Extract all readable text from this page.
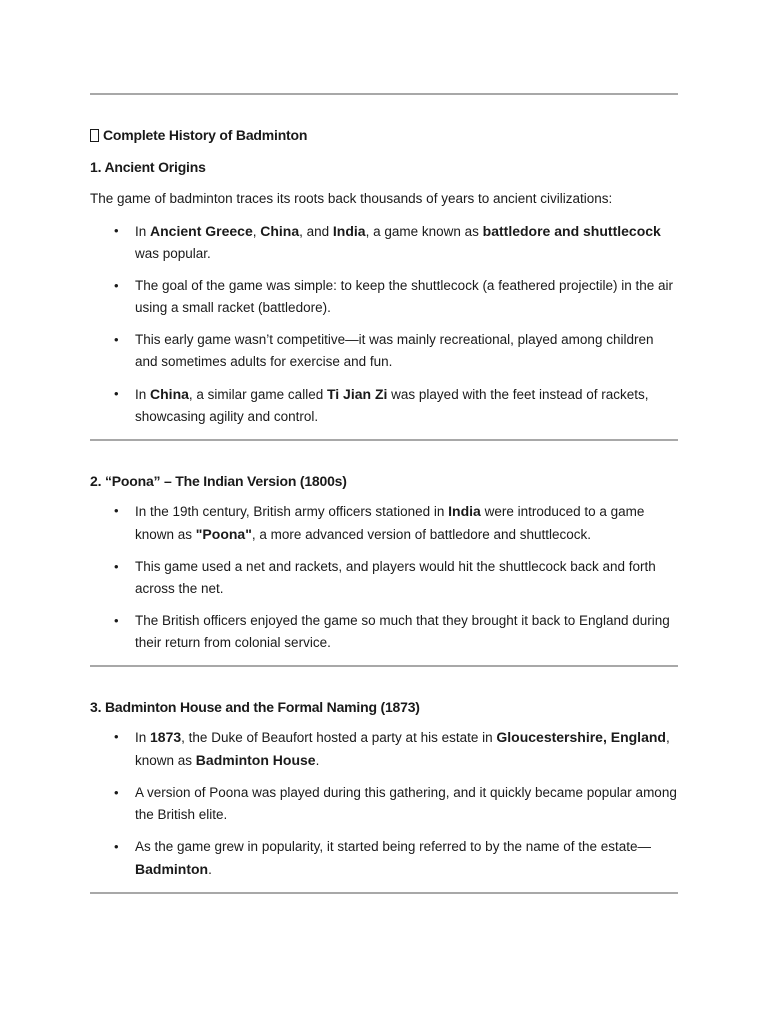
Complete History of Badminton
1. Ancient Origins
The game of badminton traces its roots back thousands of years to ancient civilizations:
• In Ancient Greece, China, and India, a game known as battledore and shuttlecock was popular.
• The goal of the game was simple: to keep the shuttlecock (a feathered projectile) in the air using a small racket (battledore).
• This early game wasn’t competitive—it was mainly recreational, played among children and sometimes adults for exercise and fun.
• In China, a similar game called Ti Jian Zi was played with the feet instead of rackets, showcasing agility and control.
2. “Poona” – The Indian Version (1800s)
• In the 19th century, British army officers stationed in India were introduced to a game known as "Poona", a more advanced version of battledore and shuttlecock.
• This game used a net and rackets, and players would hit the shuttlecock back and forth across the net.
• The British officers enjoyed the game so much that they brought it back to England during their return from colonial service.
3. Badminton House and the Formal Naming (1873)
• In 1873, the Duke of Beaufort hosted a party at his estate in Gloucestershire, England, known as Badminton House.
• A version of Poona was played during this gathering, and it quickly became popular among the British elite.
• As the game grew in popularity, it started being referred to by the name of the estate—Badminton.
